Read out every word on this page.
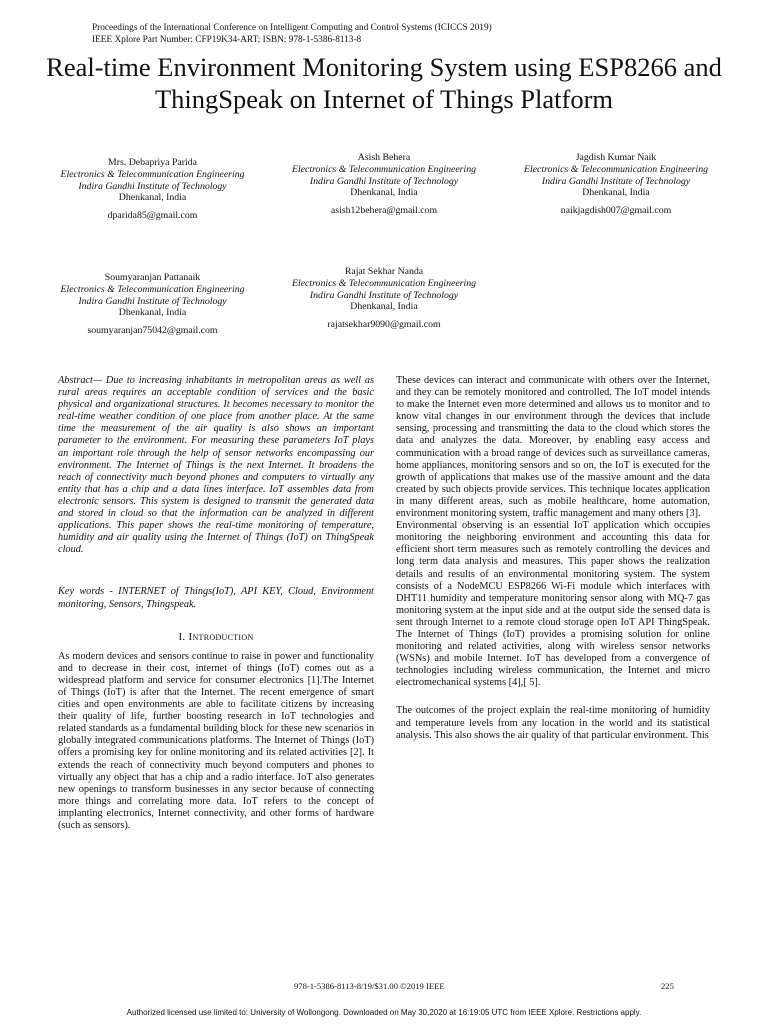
Proceedings of the International Conference on Intelligent Computing and Control Systems (ICICCS 2019)
IEEE Xplore Part Number: CFP19K34-ART; ISBN: 978-1-5386-8113-8
Real-time Environment Monitoring System using ESP8266 and ThingSpeak on Internet of Things Platform
Mrs. Debapriya Parida
Electronics & Telecommunication Engineering
Indira Gandhi Institute of Technology
Dhenkanal, India
dparida85@gmail.com
Asish Behera
Electronics & Telecommunication Engineering
Indira Gandhi Institute of Technology
Dhenkanal, India
asish12behera@gmail.com
Jagdish Kumar Naik
Electronics & Telecommunication Engineering
Indira Gandhi Institute of Technology
Dhenkanal, India
naikjagdish007@gmail.com
Soumyaranjan Pattanaik
Electronics & Telecommunication Engineering
Indira Gandhi Institute of Technology
Dhenkanal, India
soumyaranjan75042@gmail.com
Rajat Sekhar Nanda
Electronics & Telecommunication Engineering
Indira Gandhi Institute of Technology
Dhenkanal, India
rajatsekhar9090@gmail.com

Abstract— Due to increasing inhabitants in metropolitan areas as well as rural areas requires an acceptable condition of services and the basic physical and organizational structures. It becomes necessary to monitor the real-time weather condition of one place from another place. At the same time the measurement of the air quality is also shows an important parameter to the environment. For measuring these parameters IoT plays an important role through the help of sensor networks encompassing our environment. The Internet of Things is the next Internet. It broadens the reach of connectivity much beyond phones and computers to virtually any entity that has a chip and a data lines interface. IoT assembles data from electronic sensors. This system is designed to transmit the generated data and stored in cloud so that the information can be analyzed in different applications. This paper shows the real-time monitoring of temperature, humidity and air quality using the Internet of Things (IoT) on ThingSpeak cloud.

Key words - INTERNET of Things(IoT), API KEY, Cloud, Environment monitoring, Sensors, Thingspeak.

I. Introduction

As modern devices and sensors continue to raise in power and functionality and to decrease in their cost, internet of things (IoT) comes out as a widespread platform and service for consumer electronics [1].The Internet of Things (IoT) is after that the Internet. The recent emergence of smart cities and open environments are able to facilitate citizens by increasing their quality of life, further boosting research in IoT technologies and related standards as a fundamental building block for these new scenarios in globally integrated communications platforms. The Internet of Things (IoT) offers a promising key for online monitoring and its related activities [2]. It extends the reach of connectivity much beyond computers and phones to virtually any object that has a chip and a radio interface. IoT also generates new openings to transform businesses in any sector because of connecting more things and correlating more data. IoT refers to the concept of implanting electronics, Internet connectivity, and other forms of hardware (such as sensors).

These devices can interact and communicate with others over the Internet, and they can be remotely monitored and controlled. The IoT model intends to make the Internet even more determined and allows us to monitor and to know vital changes in our environment through the devices that include sensing, processing and transmitting the data to the cloud which stores the data and analyzes the data. Moreover, by enabling easy access and communication with a broad range of devices such as surveillance cameras, home appliances, monitoring sensors and so on, the IoT is executed for the growth of applications that makes use of the massive amount and the data created by such objects provide services. This technique locates application in many different areas, such as mobile healthcare, home automation, environment monitoring system, traffic management and many others [3].

Environmental observing is an essential IoT application which occupies monitoring the neighboring environment and accounting this data for efficient short term measures such as remotely controlling the devices and long term data analysis and measures. This paper shows the realization details and results of an environmental monitoring system. The system consists of a NodeMCU ESP8266 Wi-Fi module which interfaces with DHT11 humidity and temperature monitoring sensor along with MQ-7 gas monitoring system at the input side and at the output side the sensed data is sent through Internet to a remote cloud storage open IoT API ThingSpeak. The Internet of Things (IoT) provides a promising solution for online monitoring and related activities, along with wireless sensor networks (WSNs) and mobile Internet. IoT has developed from a convergence of technologies including wireless communication, the Internet and micro electromechanical systems [4],[ 5].

The outcomes of the project explain the real-time monitoring of humidity and temperature levels from any location in the world and its statistical analysis. This also shows the air quality of that particular environment. This

978-1-5386-8113-8/19/$31.00 ©2019 IEEE	225
Authorized licensed use limited to: University of Wollongong. Downloaded on May 30,2020 at 16:19:05 UTC from IEEE Xplore. Restrictions apply.
